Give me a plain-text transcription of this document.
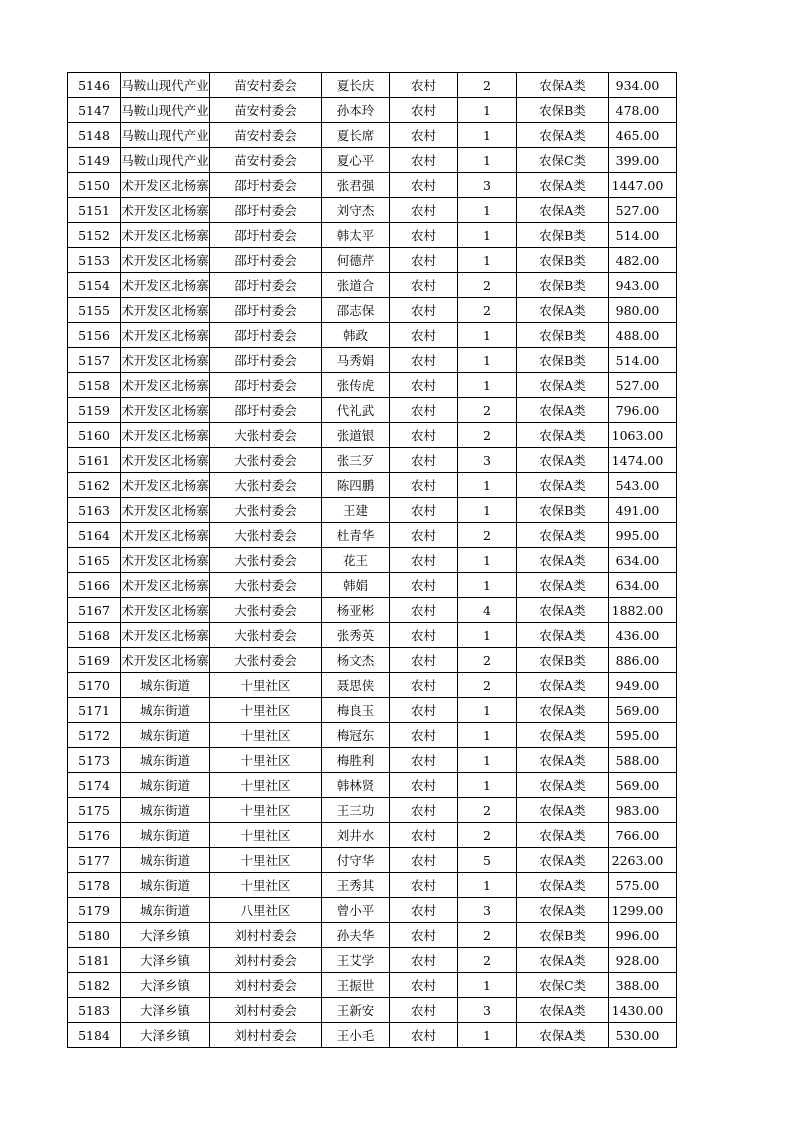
5146	马鞍山现代产业	苗安村委会	夏长庆	农村	2	农保A类	934.00
5147	马鞍山现代产业	苗安村委会	孙本玲	农村	1	农保B类	478.00
5148	马鞍山现代产业	苗安村委会	夏长席	农村	1	农保A类	465.00
5149	马鞍山现代产业	苗安村委会	夏心平	农村	1	农保C类	399.00
5150	术开发区北杨寨	邵圩村委会	张君强	农村	3	农保A类	1447.00
5151	术开发区北杨寨	邵圩村委会	刘守杰	农村	1	农保A类	527.00
5152	术开发区北杨寨	邵圩村委会	韩太平	农村	1	农保B类	514.00
5153	术开发区北杨寨	邵圩村委会	何德芹	农村	1	农保B类	482.00
5154	术开发区北杨寨	邵圩村委会	张道合	农村	2	农保B类	943.00
5155	术开发区北杨寨	邵圩村委会	邵志保	农村	2	农保A类	980.00
5156	术开发区北杨寨	邵圩村委会	韩政	农村	1	农保B类	488.00
5157	术开发区北杨寨	邵圩村委会	马秀娟	农村	1	农保B类	514.00
5158	术开发区北杨寨	邵圩村委会	张传虎	农村	1	农保A类	527.00
5159	术开发区北杨寨	邵圩村委会	代礼武	农村	2	农保A类	796.00
5160	术开发区北杨寨	大张村委会	张道银	农村	2	农保A类	1063.00
5161	术开发区北杨寨	大张村委会	张三歹	农村	3	农保A类	1474.00
5162	术开发区北杨寨	大张村委会	陈四鹏	农村	1	农保A类	543.00
5163	术开发区北杨寨	大张村委会	王建	农村	1	农保B类	491.00
5164	术开发区北杨寨	大张村委会	杜青华	农村	2	农保A类	995.00
5165	术开发区北杨寨	大张村委会	花王	农村	1	农保A类	634.00
5166	术开发区北杨寨	大张村委会	韩娟	农村	1	农保A类	634.00
5167	术开发区北杨寨	大张村委会	杨亚彬	农村	4	农保A类	1882.00
5168	术开发区北杨寨	大张村委会	张秀英	农村	1	农保A类	436.00
5169	术开发区北杨寨	大张村委会	杨文杰	农村	2	农保B类	886.00
5170	城东街道	十里社区	聂思侠	农村	2	农保A类	949.00
5171	城东街道	十里社区	梅良玉	农村	1	农保A类	569.00
5172	城东街道	十里社区	梅冠东	农村	1	农保A类	595.00
5173	城东街道	十里社区	梅胜利	农村	1	农保A类	588.00
5174	城东街道	十里社区	韩林贤	农村	1	农保A类	569.00
5175	城东街道	十里社区	王三功	农村	2	农保A类	983.00
5176	城东街道	十里社区	刘井水	农村	2	农保A类	766.00
5177	城东街道	十里社区	付守华	农村	5	农保A类	2263.00
5178	城东街道	十里社区	王秀其	农村	1	农保A类	575.00
5179	城东街道	八里社区	曾小平	农村	3	农保A类	1299.00
5180	大泽乡镇	刘村村委会	孙夫华	农村	2	农保B类	996.00
5181	大泽乡镇	刘村村委会	王艾学	农村	2	农保A类	928.00
5182	大泽乡镇	刘村村委会	王振世	农村	1	农保C类	388.00
5183	大泽乡镇	刘村村委会	王新安	农村	3	农保A类	1430.00
5184	大泽乡镇	刘村村委会	王小毛	农村	1	农保A类	530.00
